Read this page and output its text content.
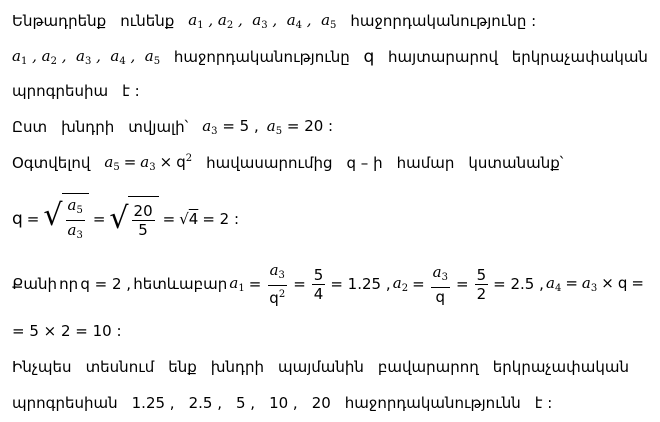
Ենթադրենք ունենք $a_1$ , $a_2$ ,  $a_3$ ,  $a_4$ ,  $a_5$ հաջորդականությունը :
$a_1$ , $a_2$ ,  $a_3$ ,  $a_4$ ,  $a_5$ հաջորդականությունը q հայտարարով երկրաչափական
պրոգրեսիա է :
Ըստ խնդրի տվյալի՝ $a_3 = 5$ , $a_5 = 20$ :
Օգտվելով $a_5 = a_3 \times q^2$ հավասարումից q – ի համար կստանանք՝
q = √ $\frac{a_5}{a_3}$ = √ $\frac{20}{5} = √4 = 2$ :
Քանի որ q = 2 , հետևաբար $a_1 = \frac{a_3}{q^2} = \frac{5}{4} = 1.25$ , $a_2 = \frac{a_3}{q} = \frac{5}{2} = 2.5$ , $a_4 = a_3 \times q$ =
= 5 × 2 = 10 :
Ինչպես տեսնում ենք խնդրի պայմանին բավարարող երկրաչափական
պրոգրեսիան 1.25 , 2.5 , 5 , 10 , 20 հաջորդականությունն է :
